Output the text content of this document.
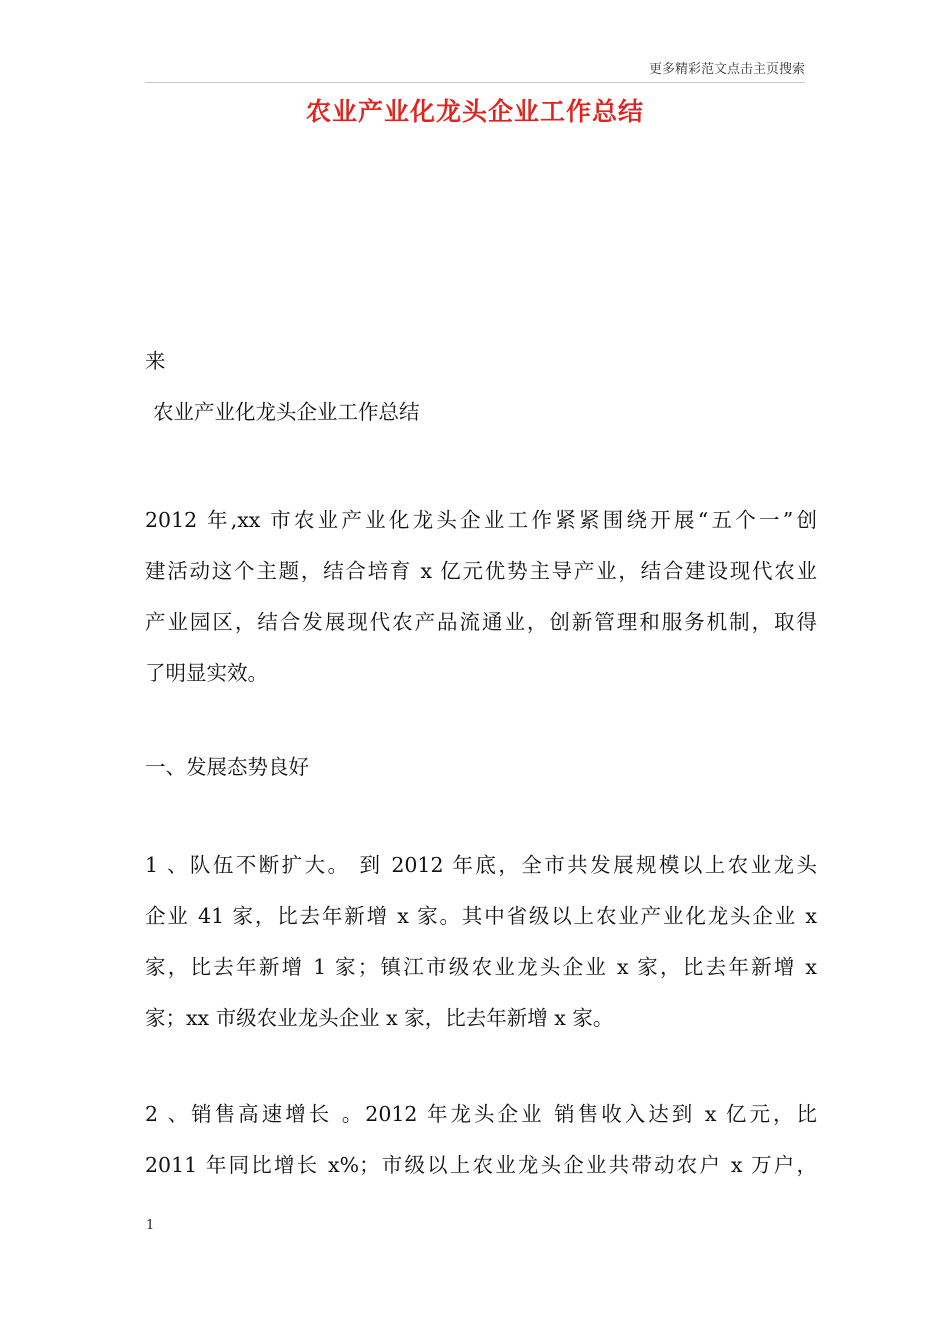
更多精彩范文点击主页搜索
农业产业化龙头企业工作总结
来
农业产业化龙头企业工作总结
2012 年,xx 市农业产业化龙头企业工作紧紧围绕开展“五个一”创
建活动这个主题，结合培育 x 亿元优势主导产业，结合建设现代农业
产业园区，结合发展现代农产品流通业，创新管理和服务机制，取得
了明显实效。
一、发展态势良好
1 、队伍不断扩大。 到 2012 年底，全市共发展规模以上农业龙头
企业 41 家，比去年新增 x 家。其中省级以上农业产业化龙头企业 x
家，比去年新增 1 家；镇江市级农业龙头企业 x 家，比去年新增 x
家；xx 市级农业龙头企业 x 家，比去年新增 x 家。
2 、销售高速增长 。2012 年龙头企业 销售收入达到 x 亿元，比
2011 年同比增长 x%；市级以上农业龙头企业共带动农户 x 万户，
1
